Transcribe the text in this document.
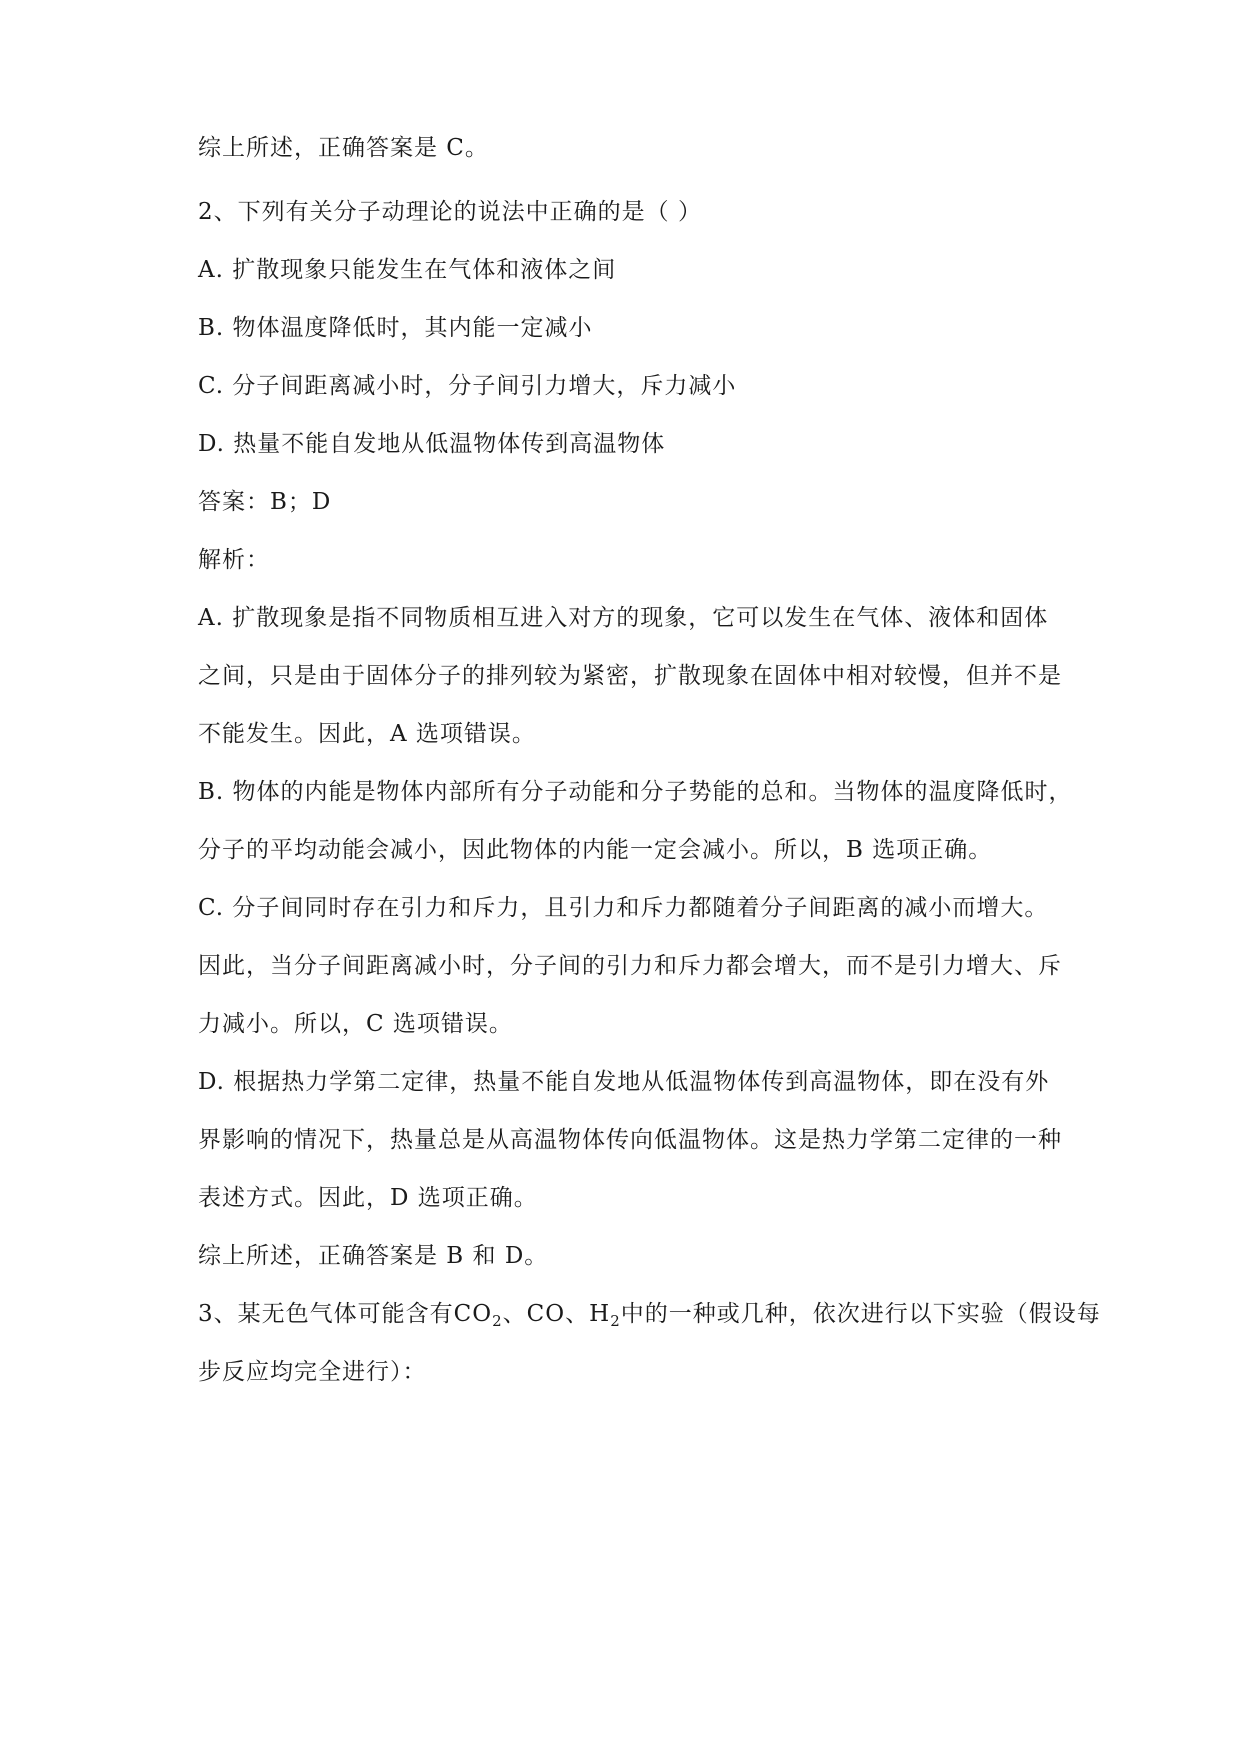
综上所述，正确答案是 C。
2、下列有关分子动理论的说法中正确的是（ ）
A. 扩散现象只能发生在气体和液体之间
B. 物体温度降低时，其内能一定减小
C. 分子间距离减小时，分子间引力增大，斥力减小
D. 热量不能自发地从低温物体传到高温物体
答案：B；D
解析：
A. 扩散现象是指不同物质相互进入对方的现象，它可以发生在气体、液体和固体
之间，只是由于固体分子的排列较为紧密，扩散现象在固体中相对较慢，但并不是
不能发生。因此，A 选项错误。
B. 物体的内能是物体内部所有分子动能和分子势能的总和。当物体的温度降低时，
分子的平均动能会减小，因此物体的内能一定会减小。所以，B 选项正确。
C. 分子间同时存在引力和斥力，且引力和斥力都随着分子间距离的减小而增大。
因此，当分子间距离减小时，分子间的引力和斥力都会增大，而不是引力增大、斥
力减小。所以，C 选项错误。
D. 根据热力学第二定律，热量不能自发地从低温物体传到高温物体，即在没有外
界影响的情况下，热量总是从高温物体传向低温物体。这是热力学第二定律的一种
表述方式。因此，D 选项正确。
综上所述，正确答案是 B 和 D。
3、某无色气体可能含有$CO_2$、CO、$H_2$中的一种或几种，依次进行以下实验（假设每
步反应均完全进行）：
